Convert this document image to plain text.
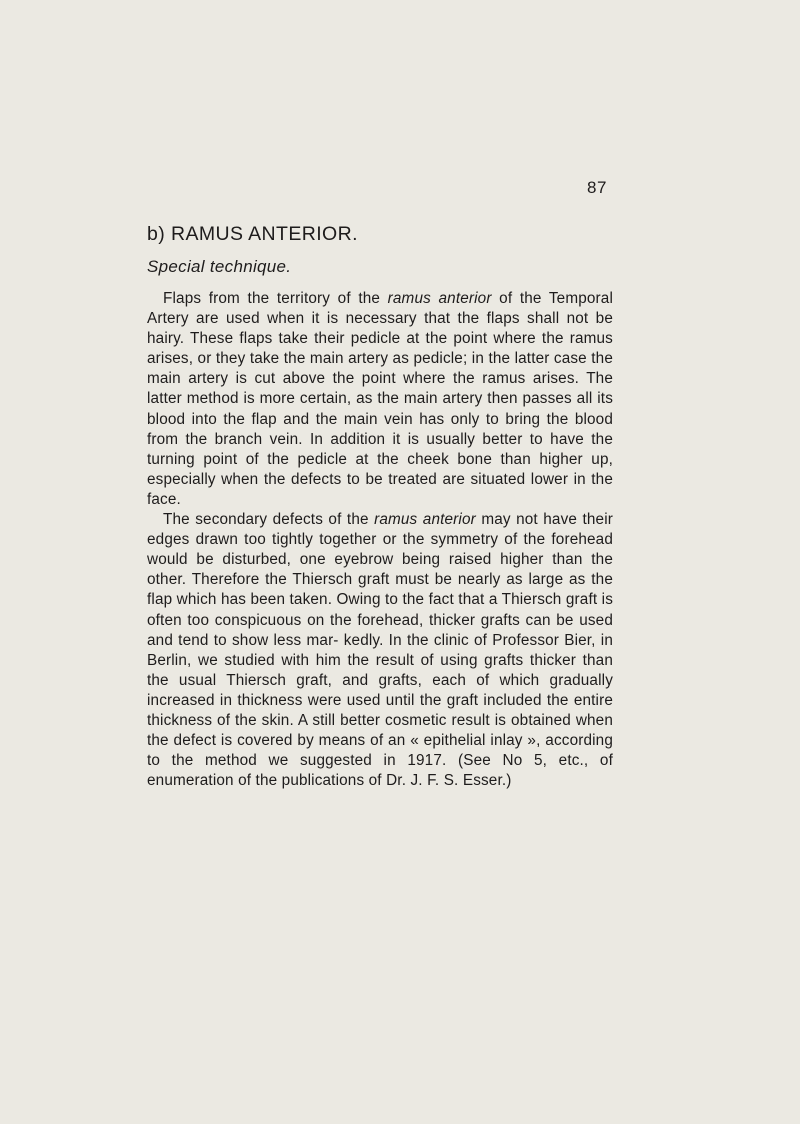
87
b) RAMUS ANTERIOR.
Special technique.

Flaps from the territory of the ramus anterior of the Temporal Artery are used when it is necessary that the flaps shall not be hairy. These flaps take their pedicle at the point where the ramus arises, or they take the main artery as pedicle; in the latter case the main artery is cut above the point where the ramus arises. The latter method is more certain, as the main artery then passes all its blood into the flap and the main vein has only to bring the blood from the branch vein. In addition it is usually better to have the turning point of the pedicle at the cheek bone than higher up, especially when the defects to be treated are situated lower in the face.

The secondary defects of the ramus anterior may not have their edges drawn too tightly together or the symmetry of the forehead would be disturbed, one eyebrow being raised higher than the other. Therefore the Thiersch graft must be nearly as large as the flap which has been taken. Owing to the fact that a Thiersch graft is often too conspicuous on the forehead, thicker grafts can be used and tend to show less mar- kedly. In the clinic of Professor Bier, in Berlin, we studied with him the result of using grafts thicker than the usual Thiersch graft, and grafts, each of which gradually increased in thickness were used until the graft included the entire thickness of the skin. A still better cosmetic result is obtained when the defect is covered by means of an « epithelial inlay », according to the method we suggested in 1917. (See No 5, etc., of enumeration of the publications of Dr. J. F. S. Esser.)
